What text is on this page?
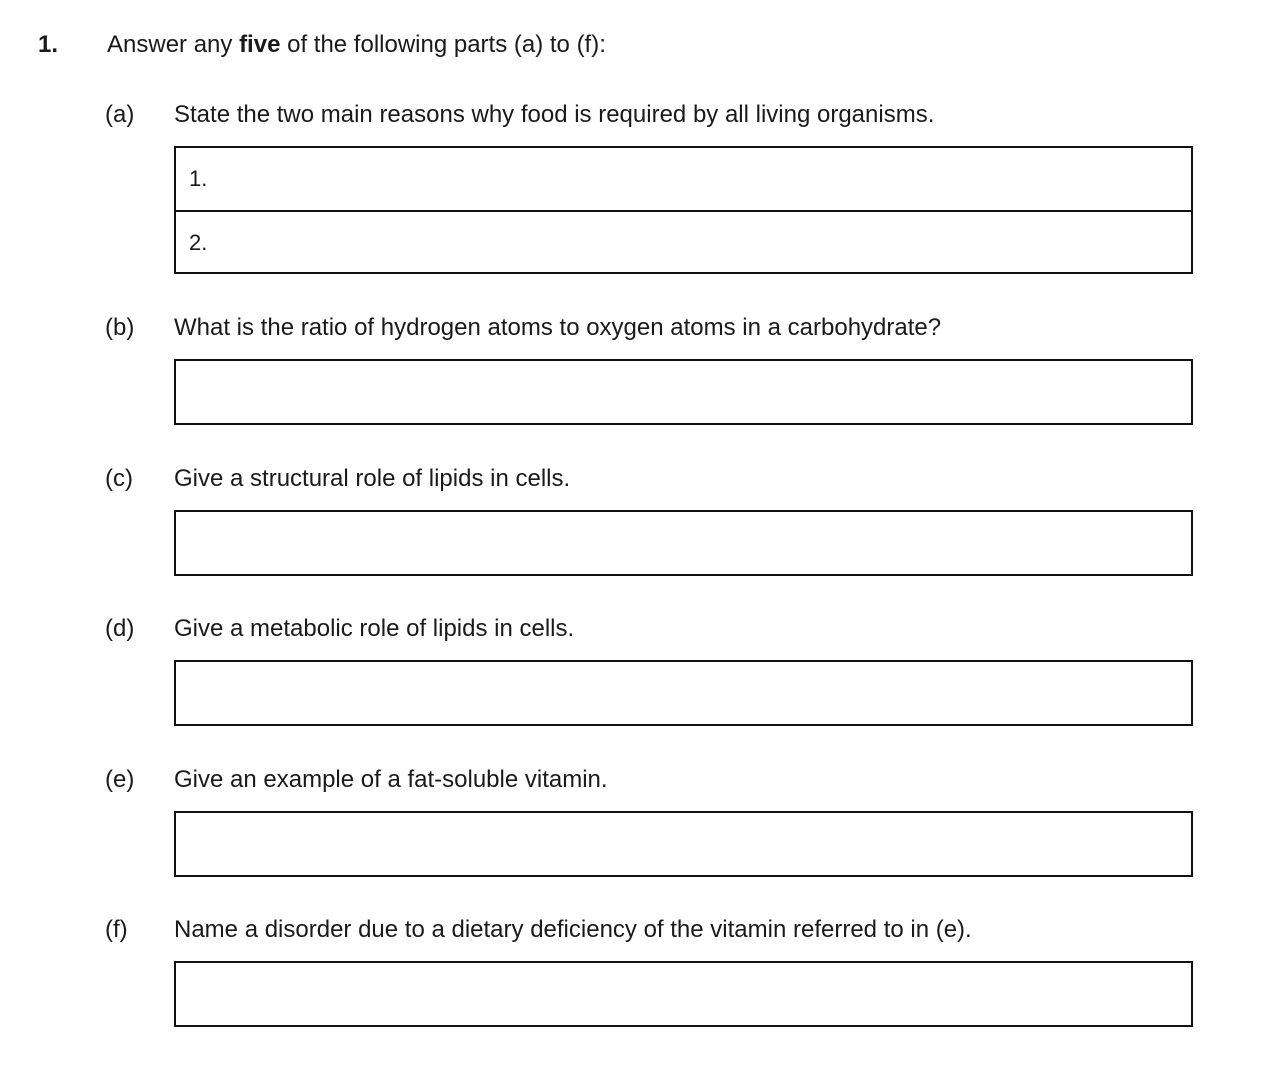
1. Answer any five of the following parts (a) to (f):
(a) State the two main reasons why food is required by all living organisms.
1.
2.
(b) What is the ratio of hydrogen atoms to oxygen atoms in a carbohydrate?
(c) Give a structural role of lipids in cells.
(d) Give a metabolic role of lipids in cells.
(e) Give an example of a fat-soluble vitamin.
(f) Name a disorder due to a dietary deficiency of the vitamin referred to in (e).
